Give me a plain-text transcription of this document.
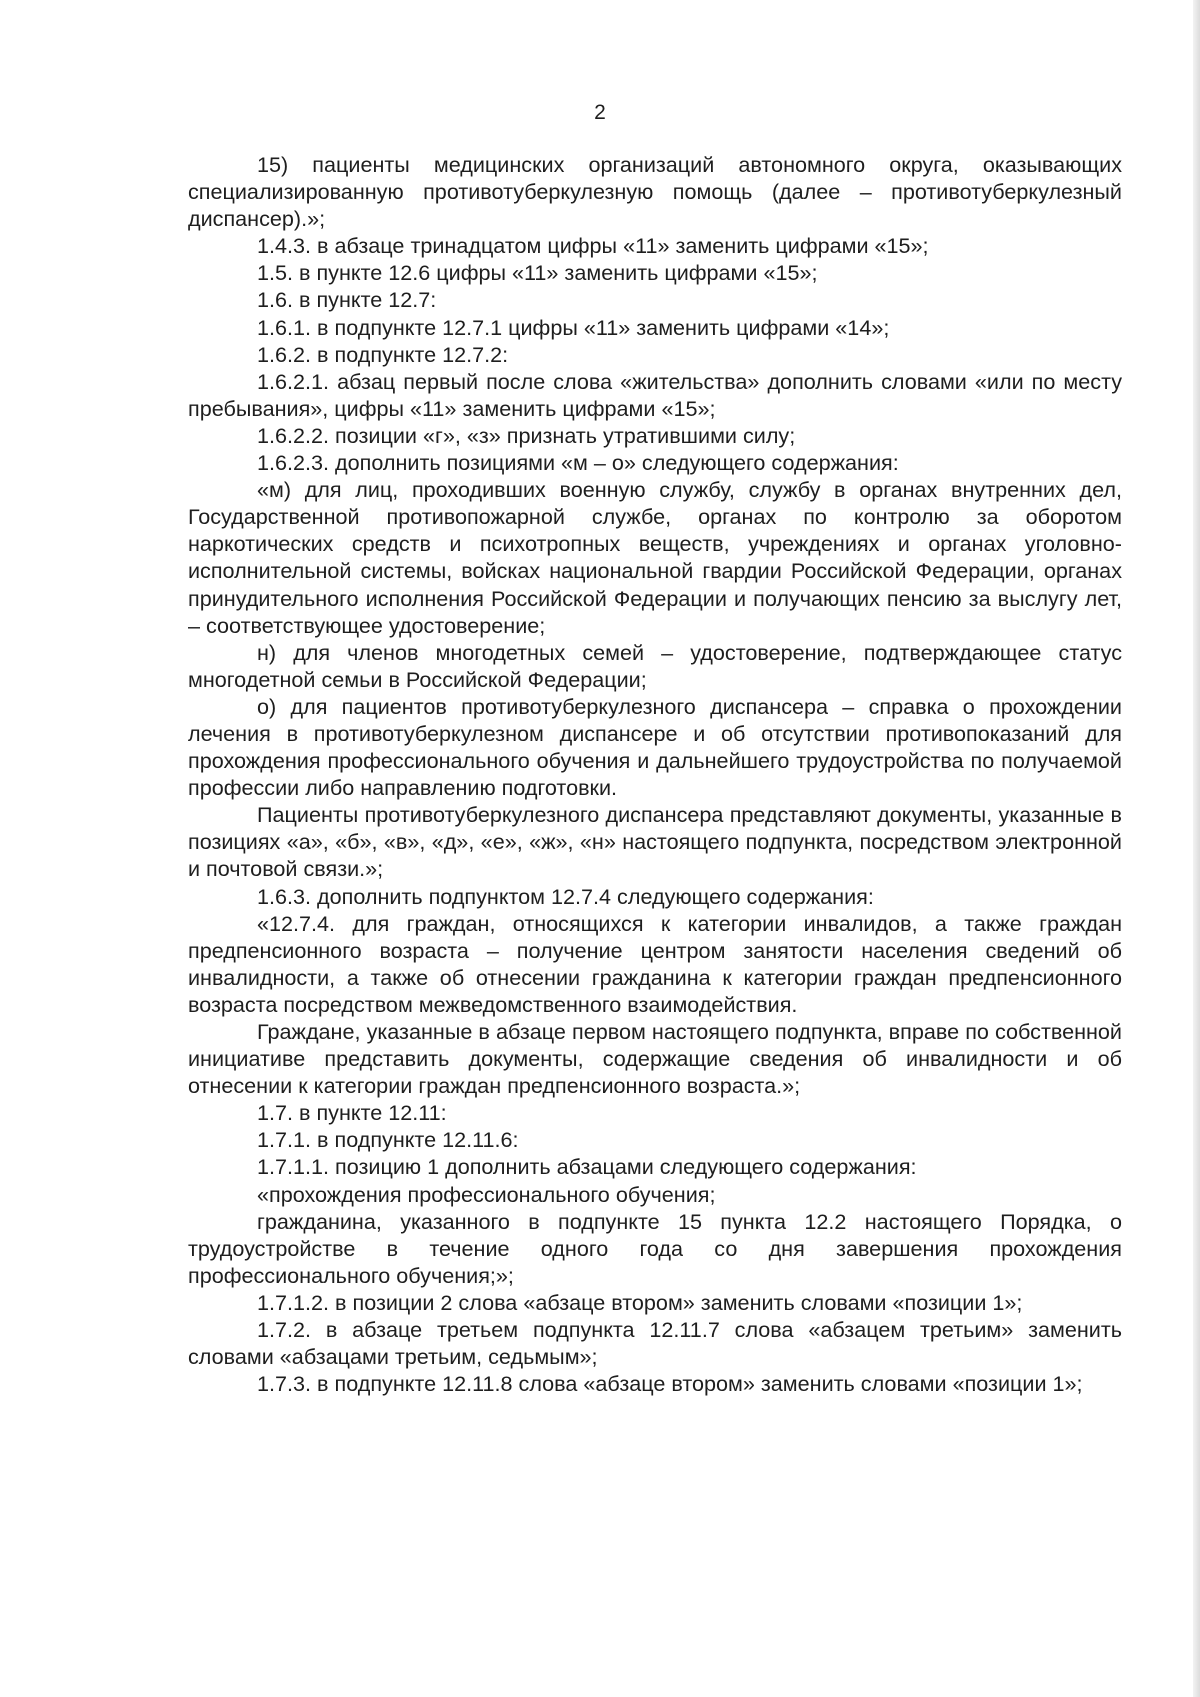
2

15) пациенты медицинских организаций автономного округа, оказывающих специализированную противотуберкулезную помощь (далее – противотуберкулезный диспансер).»;

1.4.3. в абзаце тринадцатом цифры «11» заменить цифрами «15»;

1.5. в пункте 12.6 цифры «11» заменить цифрами «15»;

1.6. в пункте 12.7:

1.6.1. в подпункте 12.7.1 цифры «11» заменить цифрами «14»;

1.6.2. в подпункте 12.7.2:

1.6.2.1. абзац первый после слова «жительства» дополнить словами «или по месту пребывания», цифры «11» заменить цифрами «15»;

1.6.2.2. позиции «г», «з» признать утратившими силу;

1.6.2.3. дополнить позициями «м – о» следующего содержания:

«м) для лиц, проходивших военную службу, службу в органах внутренних дел, Государственной противопожарной службе, органах по контролю за оборотом наркотических средств и психотропных веществ, учреждениях и органах уголовно-исполнительной системы, войсках национальной гвардии Российской Федерации, органах принудительного исполнения Российской Федерации и получающих пенсию за выслугу лет, – соответствующее удостоверение;

н) для членов многодетных семей – удостоверение, подтверждающее статус многодетной семьи в Российской Федерации;

о) для пациентов противотуберкулезного диспансера – справка о прохождении лечения в противотуберкулезном диспансере и об отсутствии противопоказаний для прохождения профессионального обучения и дальнейшего трудоустройства по получаемой профессии либо направлению подготовки.

Пациенты противотуберкулезного диспансера представляют документы, указанные в позициях «а», «б», «в», «д», «е», «ж», «н» настоящего подпункта, посредством электронной и почтовой связи.»;

1.6.3. дополнить подпунктом 12.7.4 следующего содержания:

«12.7.4. для граждан, относящихся к категории инвалидов, а также граждан предпенсионного возраста – получение центром занятости населения сведений об инвалидности, а также об отнесении гражданина к категории граждан предпенсионного возраста посредством межведомственного взаимодействия.

Граждане, указанные в абзаце первом настоящего подпункта, вправе по собственной инициативе представить документы, содержащие сведения об инвалидности и об отнесении к категории граждан предпенсионного возраста.»;

1.7. в пункте 12.11:

1.7.1. в подпункте 12.11.6:

1.7.1.1. позицию 1 дополнить абзацами следующего содержания:

«прохождения профессионального обучения;

гражданина, указанного в подпункте 15 пункта 12.2 настоящего Порядка, о трудоустройстве в течение одного года со дня завершения прохождения профессионального обучения;»;

1.7.1.2. в позиции 2 слова «абзаце втором» заменить словами «позиции 1»;

1.7.2. в абзаце третьем подпункта 12.11.7 слова «абзацем третьим» заменить словами «абзацами третьим, седьмым»;

1.7.3. в подпункте 12.11.8 слова «абзаце втором» заменить словами «позиции 1»;
